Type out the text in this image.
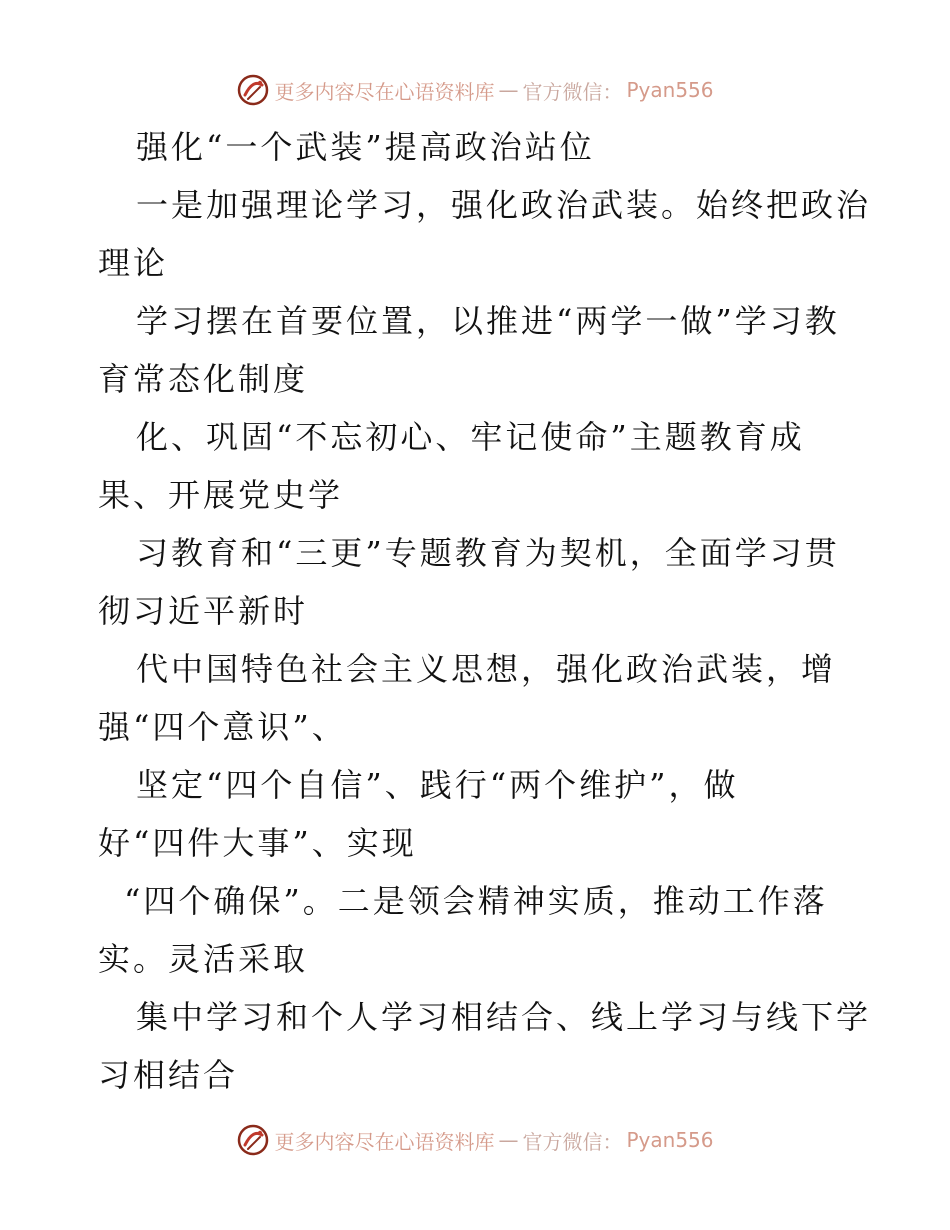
更多内容尽在心语资料库 — 官方微信： Pyan556
强化“一个武装”提高政治站位
一是加强理论学习，强化政治武装。始终把政治
理论
学习摆在首要位置，以推进“两学一做”学习教
育常态化制度
化、巩固“不忘初心、牢记使命”主题教育成
果、开展党史学
习教育和“三更”专题教育为契机，全面学习贯
彻习近平新时
代中国特色社会主义思想，强化政治武装，增
强“四个意识”、
坚定“四个自信”、践行“两个维护”，做
好“四件大事”、实现
“四个确保”。二是领会精神实质，推动工作落
实。灵活采取
集中学习和个人学习相结合、线上学习与线下学
习相结合
更多内容尽在心语资料库 — 官方微信： Pyan556
